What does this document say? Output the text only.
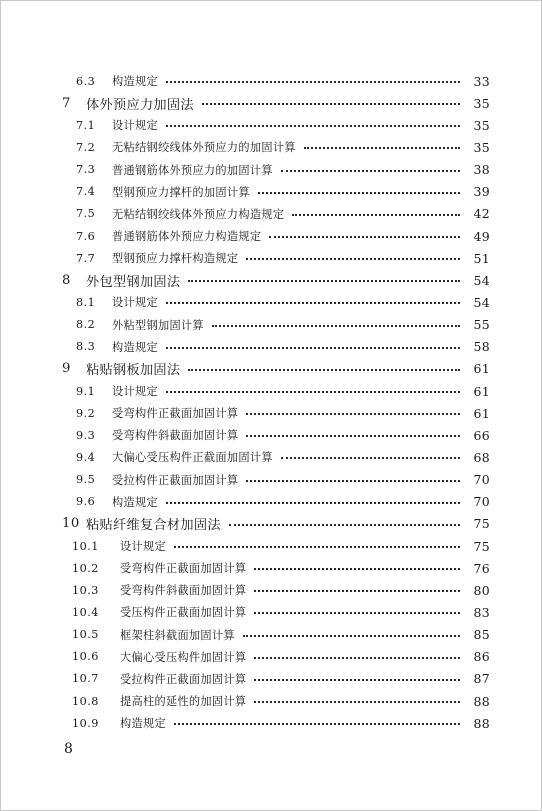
6.3 构造规定	33
7 体外预应力加固法	35
7.1 设计规定	35
7.2 无粘结钢绞线体外预应力的加固计算	35
7.3 普通钢筋体外预应力的加固计算	38
7.4 型钢预应力撑杆的加固计算	39
7.5 无粘结钢绞线体外预应力构造规定	42
7.6 普通钢筋体外预应力构造规定	49
7.7 型钢预应力撑杆构造规定	51
8 外包型钢加固法	54
8.1 设计规定	54
8.2 外粘型钢加固计算	55
8.3 构造规定	58
9 粘贴钢板加固法	61
9.1 设计规定	61
9.2 受弯构件正截面加固计算	61
9.3 受弯构件斜截面加固计算	66
9.4 大偏心受压构件正截面加固计算	68
9.5 受拉构件正截面加固计算	70
9.6 构造规定	70
10 粘贴纤维复合材加固法	75
10.1 设计规定	75
10.2 受弯构件正截面加固计算	76
10.3 受弯构件斜截面加固计算	80
10.4 受压构件正截面加固计算	83
10.5 框架柱斜截面加固计算	85
10.6 大偏心受压构件加固计算	86
10.7 受拉构件正截面加固计算	87
10.8 提高柱的延性的加固计算	88
10.9 构造规定	88
8
